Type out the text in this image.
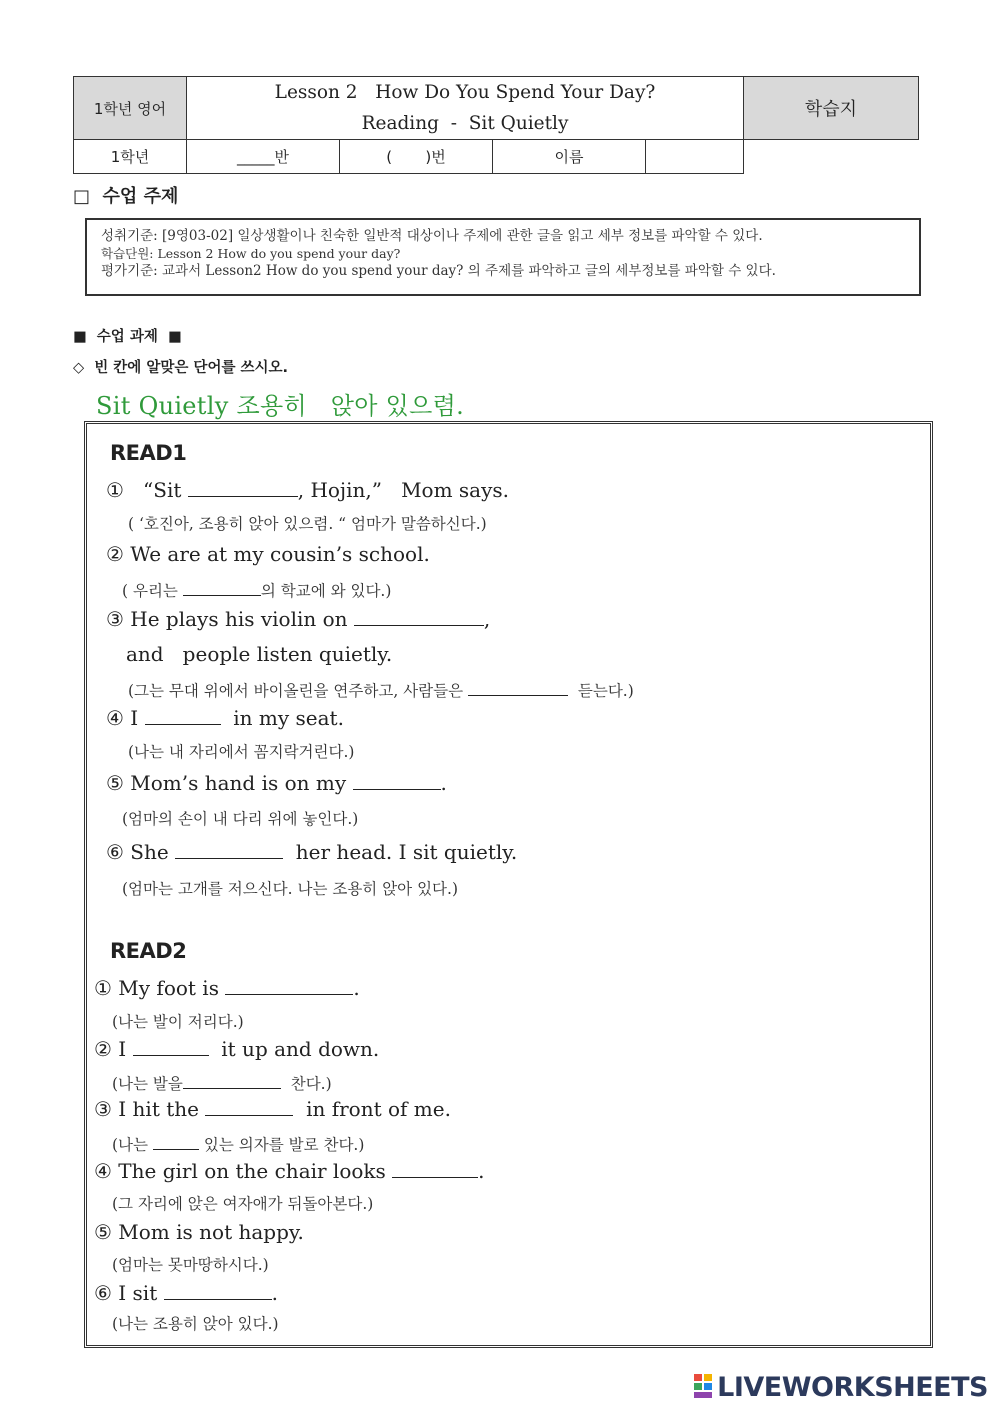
1학년 영어	Lesson 2   How Do You Spend Your Day?
Reading  -  Sit Quietly				학습지
1학년	_____반	(       )번	이름		
□  수업 주제
성취기준: [9영03-02] 일상생활이나 친숙한 일반적 대상이나 주제에 관한 글을 읽고 세부 정보를 파악할 수 있다.
학습단원: Lesson 2 How do you spend your day?
평가기준: 교과서 Lesson2 How do you spend your day? 의 주제를 파악하고 글의 세부정보를 파악할 수 있다.
■  수업 과제  ■
◇  빈 칸에 알맞은 단어를 쓰시오.
Sit Quietly 조용히   앉아 있으렴.
READ1
① “Sit	, Hojin,”   Mom says.
( ‘호진아, 조용히 앉아 있으렴. “ 엄마가 말씀하신다.)
② We are at my cousin’s school.
( 우리는	의 학교에 와 있다.)
③ He plays his violin on	,
and   people listen quietly.
(그는 무대 위에서 바이올린을 연주하고, 사람들은	듣는다.)
④ I	in my seat.
(나는 내 자리에서 꼼지락거린다.)
⑤ Mom’s hand is on my	.
(엄마의 손이 내 다리 위에 놓인다.)
⑥ She	her head. I sit quietly.
(엄마는 고개를 저으신다. 나는 조용히 앉아 있다.)
READ2
① My foot is	.
(나는 발이 저리다.)
② I	it up and down.
(나는 발을	찬다.)
③ I hit the	in front of me.
(나는	있는 의자를 발로 찬다.)
④ The girl on the chair looks	.
(그 자리에 앉은 여자애가 뒤돌아본다.)
⑤ Mom is not happy.
(엄마는 못마땅하시다.)
⑥ I sit	.
(나는 조용히 앉아 있다.)
LIVEWORKSHEETS
